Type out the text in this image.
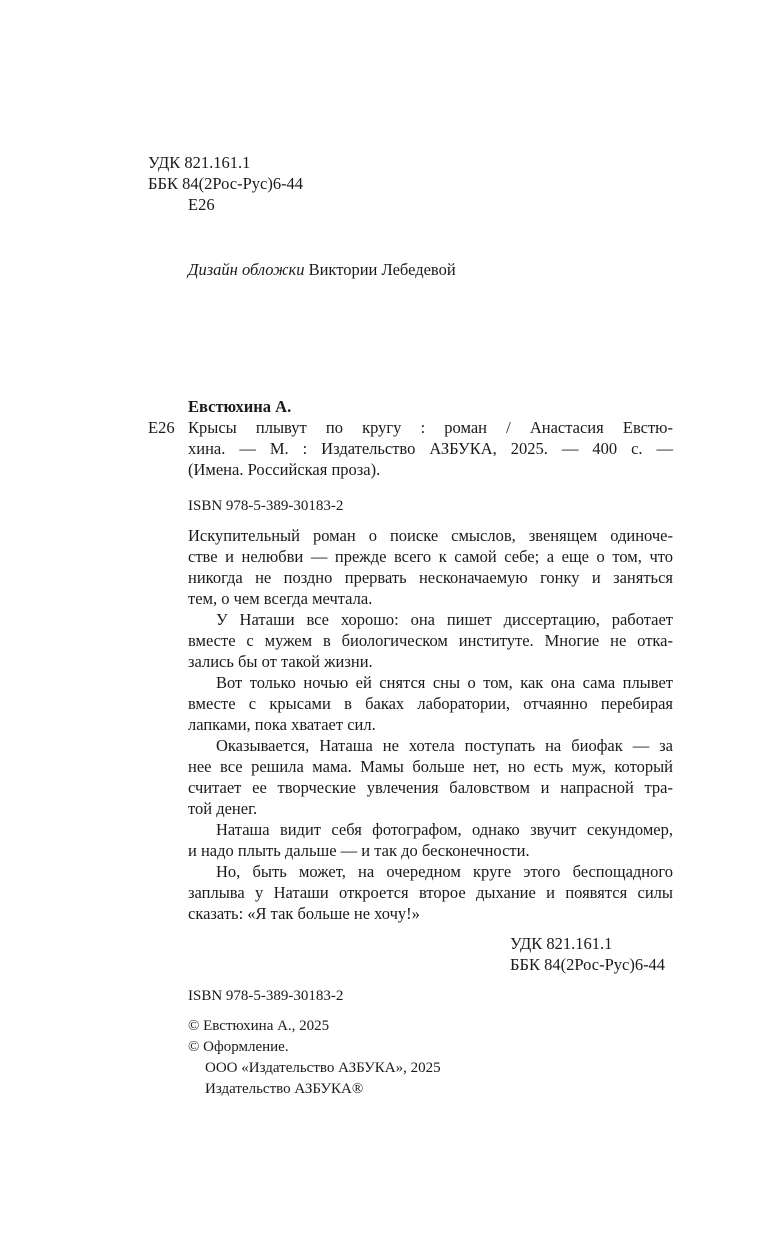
УДК 821.161.1
ББК 84(2Рос-Рус)6-44
Е26
Дизайн обложки Виктории Лебедевой
Евстюхина А.
Е26 Крысы плывут по кругу : роман / Анастасия Евстю-
хина. — М. : Издательство АЗБУКА, 2025. — 400 с. —
(Имена. Российская проза).
ISBN 978-5-389-30183-2
Искупительный роман о поиске смыслов, звенящем одиноче-
стве и нелюбви — прежде всего к самой себе; а еще о том, что
никогда не поздно прервать несконачаемую гонку и заняться
тем, о чем всегда мечтала.
У Наташи все хорошо: она пишет диссертацию, работает
вместе с мужем в биологическом институте. Многие не отка-
зались бы от такой жизни.
Вот только ночью ей снятся сны о том, как она сама плывет
вместе с крысами в баках лаборатории, отчаянно перебирая
лапками, пока хватает сил.
Оказывается, Наташа не хотела поступать на биофак — за
нее все решила мама. Мамы больше нет, но есть муж, который
считает ее творческие увлечения баловством и напрасной тра-
той денег.
Наташа видит себя фотографом, однако звучит секундомер,
и надо плыть дальше — и так до бесконечности.
Но, быть может, на очередном круге этого беспощадного
заплыва у Наташи откроется второе дыхание и появятся силы
сказать: «Я так больше не хочу!»
УДК 821.161.1
ББК 84(2Рос-Рус)6-44
ISBN 978-5-389-30183-2
© Евстюхина А., 2025
© Оформление.
ООО «Издательство АЗБУКА», 2025
Издательство АЗБУКА®
